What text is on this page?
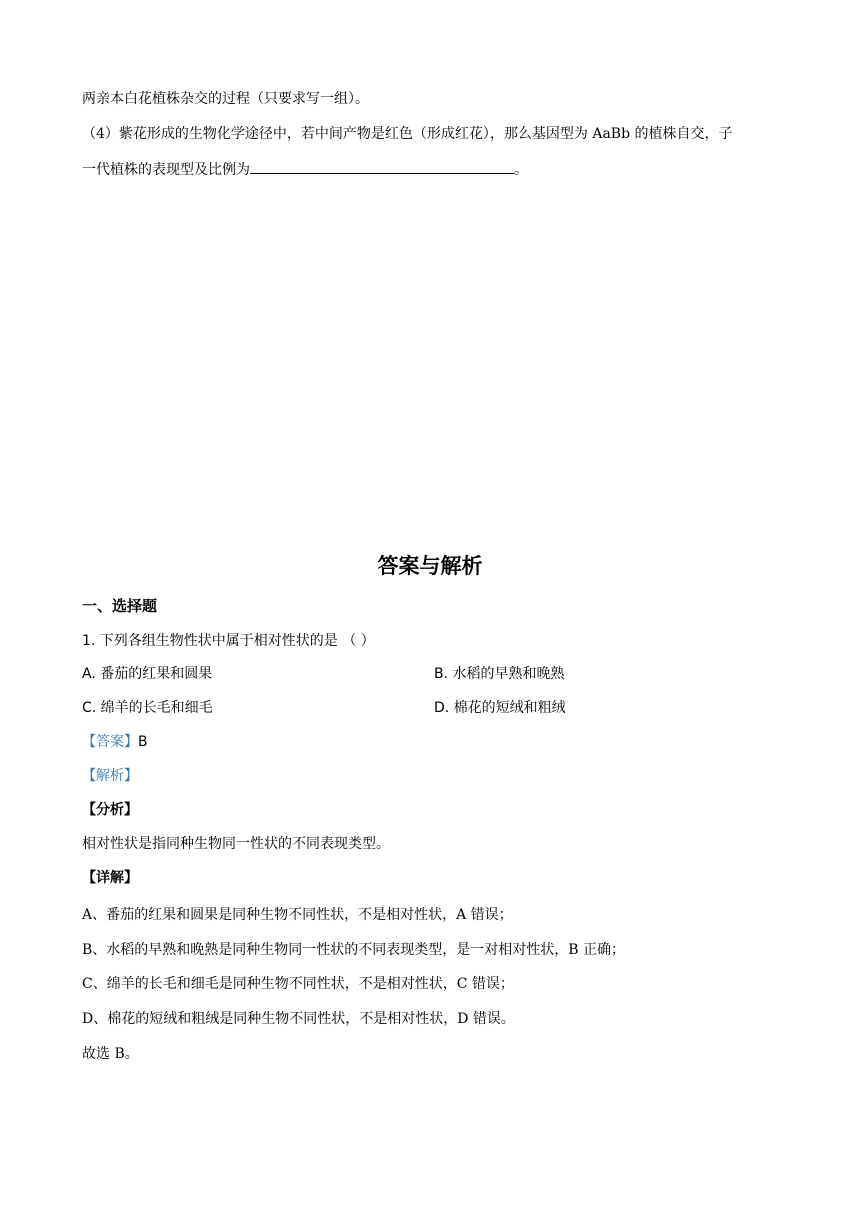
两亲本白花植株杂交的过程（只要求写一组）。
（4）紫花形成的生物化学途径中，若中间产物是红色（形成红花），那么基因型为 AaBb 的植株自交，子
一代植株的表现型及比例为	。
答案与解析
一、选择题
1. 下列各组生物性状中属于相对性状的是 （ ）
A. 番茄的红果和圆果	B. 水稻的早熟和晚熟
C. 绵羊的长毛和细毛	D. 棉花的短绒和粗绒
【答案】B
【解析】
【分析】
相对性状是指同种生物同一性状的不同表现类型。
【详解】
A、番茄的红果和圆果是同种生物不同性状，不是相对性状，A 错误；
B、水稻的早熟和晚熟是同种生物同一性状的不同表现类型，是一对相对性状，B 正确；
C、绵羊的长毛和细毛是同种生物不同性状，不是相对性状，C 错误；
D、棉花的短绒和粗绒是同种生物不同性状，不是相对性状，D 错误。
故选 B。
